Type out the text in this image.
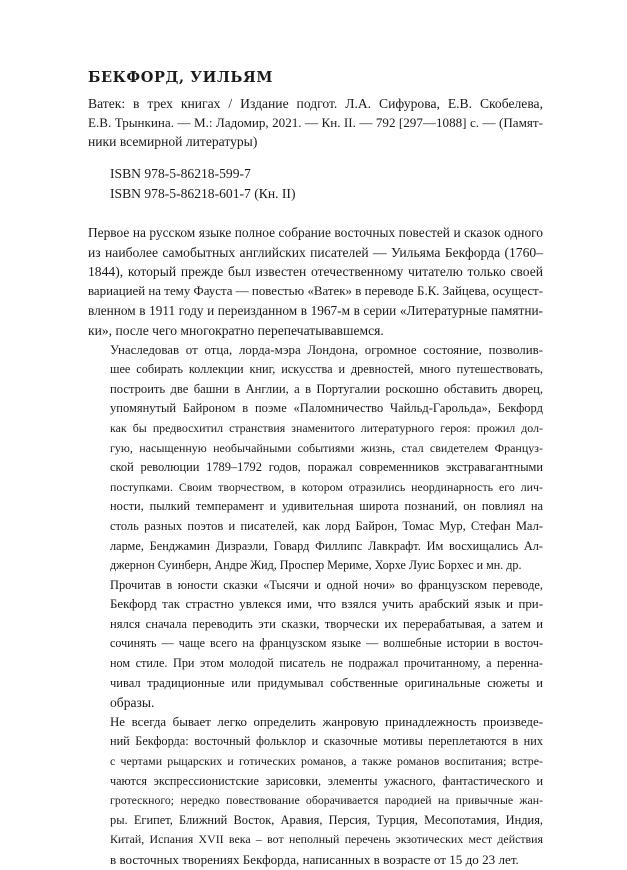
БЕКФОРД, УИЛЬЯМ
Ватек: в трех книгах / Издание подгот. Л.А. Сифурова, Е.В. Скобелева,
Е.В. Трынкина. — М.: Ладомир, 2021. — Кн. II. — 792 [297—1088] с. — (Памят-
ники всемирной литературы)
ISBN 978-5-86218-599-7
ISBN 978-5-86218-601-7 (Кн. II)
Первое на русском языке полное собрание восточных повестей и сказок одного
из наиболее самобытных английских писателей — Уильяма Бекфорда (1760–
1844), который прежде был известен отечественному читателю только своей
вариацией на тему Фауста — повестью «Ватек» в переводе Б.К. Зайцева, осущест-
вленном в 1911 году и переизданном в 1967-м в серии «Литературные памятни-
ки», после чего многократно перепечатывавшемся.
Унаследовав от отца, лорда-мэра Лондона, огромное состояние, позволив-
шее собирать коллекции книг, искусства и древностей, много путешествовать,
построить две башни в Англии, а в Португалии роскошно обставить дворец,
упомянутый Байроном в поэме «Паломничество Чайльд-Гарольда», Бекфорд
как бы предвосхитил странствия знаменитого литературного героя: прожил дол-
гую, насыщенную необычайными событиями жизнь, стал свидетелем Француз-
ской революции 1789–1792 годов, поражал современников экстравагантными
поступками. Своим творчеством, в котором отразились неординарность его лич-
ности, пылкий темперамент и удивительная широта познаний, он повлиял на
столь разных поэтов и писателей, как лорд Байрон, Томас Мур, Стефан Мал-
ларме, Бенджамин Дизраэли, Говард Филлипс Лавкрафт. Им восхищались Ал-
джернон Суинберн, Андре Жид, Проспер Мериме, Хорхе Луис Борхес и мн. др.
Прочитав в юности сказки «Тысячи и одной ночи» во французском переводе,
Бекфорд так страстно увлекся ими, что взялся учить арабский язык и при-
нялся сначала переводить эти сказки, творчески их перерабатывая, а затем и
сочинять — чаще всего на французском языке — волшебные истории в восточ-
ном стиле. При этом молодой писатель не подражал прочитанному, а перенна-
чивал традиционные или придумывал собственные оригинальные сюжеты и
образы.
Не всегда бывает легко определить жанровую принадлежность произведе-
ний Бекфорда: восточный фольклор и сказочные мотивы переплетаются в них
с чертами рыцарских и готических романов, а также романов воспитания; встре-
чаются экспрессионистские зарисовки, элементы ужасного, фантастического и
гротескного; нередко повествование оборачивается пародией на привычные жан-
ры. Египет, Ближний Восток, Аравия, Персия, Турция, Месопотамия, Индия,
Китай, Испания XVII века – вот неполный перечень экзотических мест действия
в восточных творениях Бекфорда, написанных в возрасте от 15 до 23 лет.
